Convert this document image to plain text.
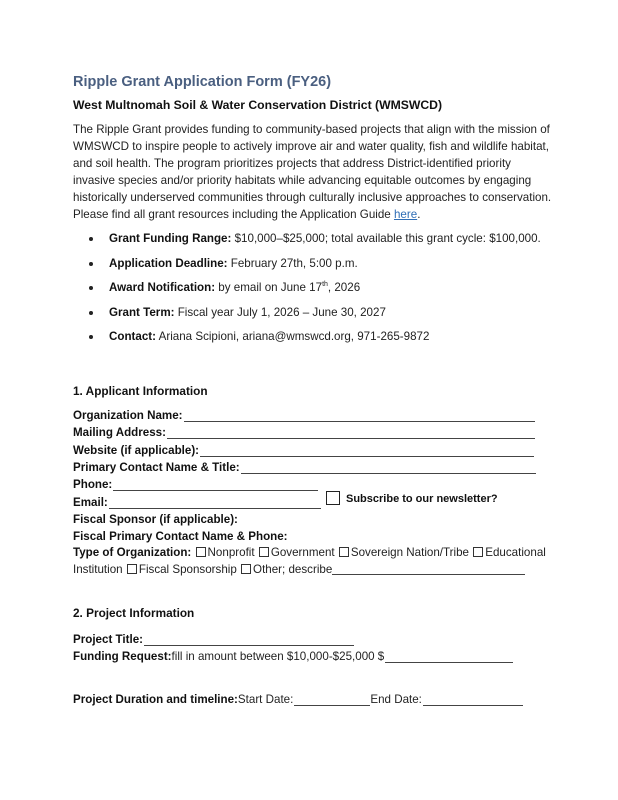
Ripple Grant Application Form (FY26)
West Multnomah Soil & Water Conservation District (WMSWCD)
The Ripple Grant provides funding to community-based projects that align with the mission of WMSWCD to inspire people to actively improve air and water quality, fish and wildlife habitat, and soil health. The program prioritizes projects that address District-identified priority invasive species and/or priority habitats while advancing equitable outcomes by engaging historically underserved communities through culturally inclusive approaches to conservation. Please find all grant resources including the Application Guide here.
Grant Funding Range: $10,000–$25,000; total available this grant cycle: $100,000.
Application Deadline: February 27th, 5:00 p.m.
Award Notification: by email on June 17th, 2026
Grant Term: Fiscal year July 1, 2026 – June 30, 2027
Contact: Ariana Scipioni, ariana@wmswcd.org, 971-265-9872
1. Applicant Information
Organization Name:
Mailing Address:
Website (if applicable):
Primary Contact Name & Title:
Phone:
Email:	Subscribe to our newsletter?
Fiscal Sponsor (if applicable):
Fiscal Primary Contact Name & Phone:
Type of Organization: Nonprofit Government Sovereign Nation/Tribe Educational Institution Fiscal Sponsorship Other; describe
2. Project Information
Project Title:
Funding Request: fill in amount between $10,000-$25,000 $
Project Duration and timeline: Start Date:	End Date:
